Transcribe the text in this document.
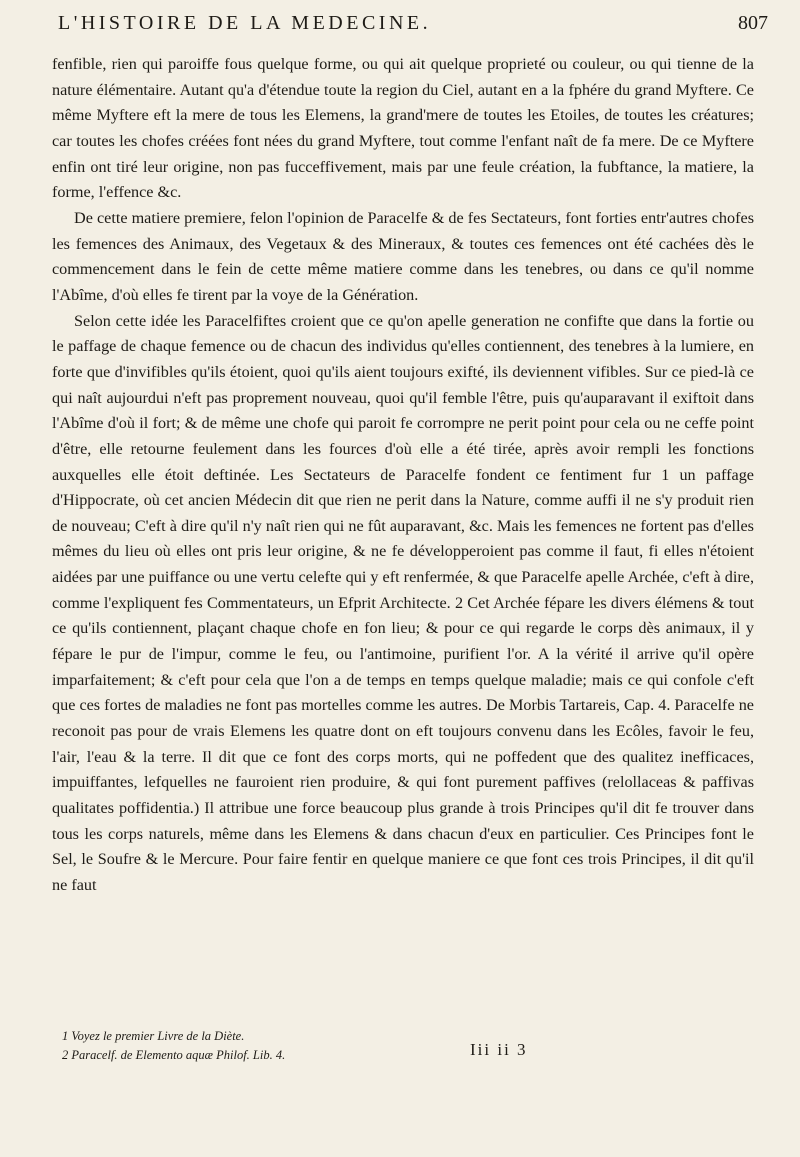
L'HISTOIRE DE LA MEDECINE.	807

fenfible, rien qui paroiffe fous quelque forme, ou qui ait quelque proprieté ou couleur, ou qui tienne de la nature élémentaire. Autant qu'a d'étendue toute la region du Ciel, autant en a la fphére du grand Myftere. Ce même Myftere eft la mere de tous les Elemens, la grand'mere de toutes les Etoiles, de toutes les créatures; car toutes les chofes créées font nées du grand Myftere, tout comme l'enfant naît de fa mere. De ce Myftere enfin ont tiré leur origine, non pas fucceffivement, mais par une feule création, la fubftance, la matiere, la forme, l'effence &c.

De cette matiere premiere, felon l'opinion de Paracelfe & de fes Sectateurs, font forties entr'autres chofes les femences des Animaux, des Vegetaux & des Mineraux, & toutes ces femences ont été cachées dès le commencement dans le fein de cette même matiere comme dans les tenebres, ou dans ce qu'il nomme l'Abîme, d'où elles fe tirent par la voye de la Génération.

Selon cette idée les Paracelfiftes croient que ce qu'on apelle generation ne confifte que dans la fortie ou le paffage de chaque femence ou de chacun des individus qu'elles contiennent, des tenebres à la lumiere, en forte que d'invifibles qu'ils étoient, quoi qu'ils aient toujours exifté, ils deviennent vifibles. Sur ce pied-là ce qui naît aujourdui n'eft pas proprement nouveau, quoi qu'il femble l'être, puis qu'auparavant il exiftoit dans l'Abîme d'où il fort; & de même une chofe qui paroit fe corrompre ne perit point pour cela ou ne ceffe point d'être, elle retourne feulement dans les fources d'où elle a été tirée, après avoir rempli les fonctions auxquelles elle étoit deftinée. Les Sectateurs de Paracelfe fondent ce fentiment fur 1 un paffage d'Hippocrate, où cet ancien Médecin dit que rien ne perit dans la Nature, comme auffi il ne s'y produit rien de nouveau; C'eft à dire qu'il n'y naît rien qui ne fût auparavant, &c. Mais les femences ne fortent pas d'elles mêmes du lieu où elles ont pris leur origine, & ne fe développeroient pas comme il faut, fi elles n'étoient aidées par une puiffance ou une vertu celefte qui y eft renfermée, & que Paracelfe apelle Archée, c'eft à dire, comme l'expliquent fes Commentateurs, un Efprit Architecte. 2 Cet Archée fépare les divers élémens & tout ce qu'ils contiennent, plaçant chaque chofe en fon lieu; & pour ce qui regarde le corps dès animaux, il y fépare le pur de l'impur, comme le feu, ou l'antimoine, purifient l'or. A la vérité il arrive qu'il opère imparfaitement; & c'eft pour cela que l'on a de temps en temps quelque maladie; mais ce qui confole c'eft que ces fortes de maladies ne font pas mortelles comme les autres. De Morbis Tartareis, Cap. 4. Paracelfe ne reconoit pas pour de vrais Elemens les quatre dont on eft toujours convenu dans les Ecôles, favoir le feu, l'air, l'eau & la terre. Il dit que ce font des corps morts, qui ne poffedent que des qualitez inefficaces, impuiffantes, lefquelles ne fauroient rien produire, & qui font purement paffives (relollaceas & paffivas qualitates poffidentia.) Il attribue une force beaucoup plus grande à trois Principes qu'il dit fe trouver dans tous les corps naturels, même dans les Elemens & dans chacun d'eux en particulier. Ces Principes font le Sel, le Soufre & le Mercure. Pour faire fentir en quelque maniere ce que font ces trois Principes, il dit qu'il ne faut

1 Voyez le premier Livre de la Diète.
2 Paracelf. de Elemento aquæ Philof. Lib. 4.	Iii ii 3
